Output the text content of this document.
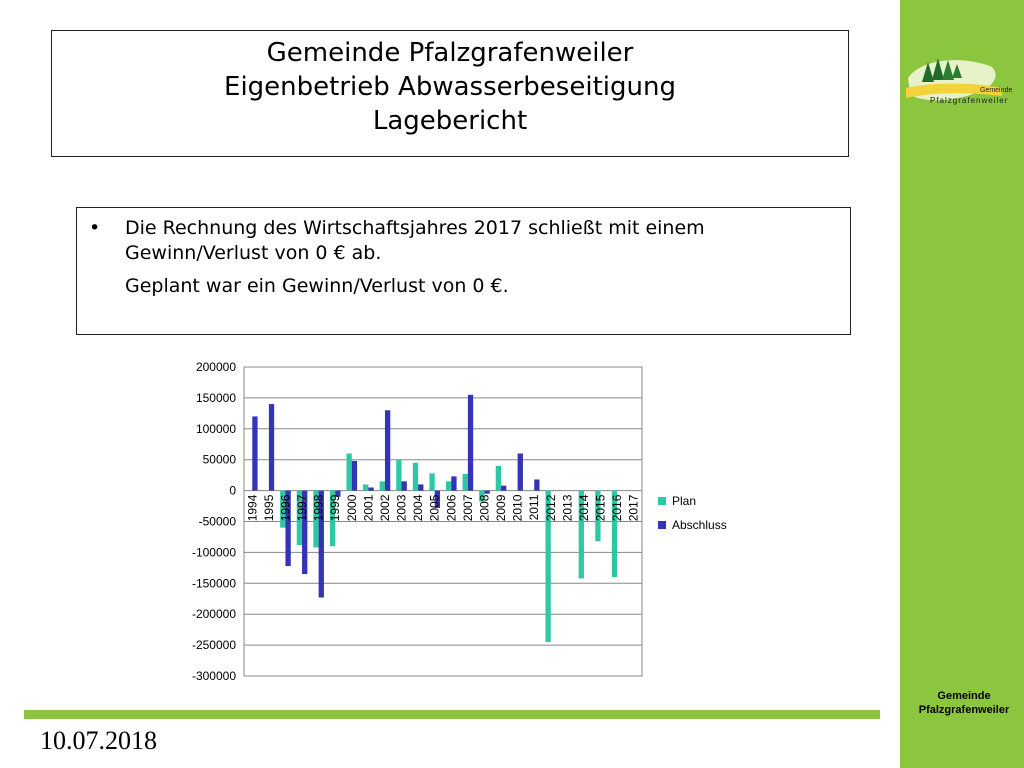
Gemeinde
Pfalzgrafenweiler
Gemeinde
Pfalzgrafenweiler
10.07.2018
Gemeinde Pfalzgrafenweiler
Eigenbetrieb Abwasserbeseitigung
Lagebericht
•	Die Rechnung des Wirtschaftsjahres 2017 schließt mit einem Gewinn/Verlust von 0 € ab.
Geplant war ein Gewinn/Verlust von 0 €.
200000
150000
100000
50000
0
-50000
-100000
-150000
-200000
-250000
-300000
1994 1995 1996 1997 1998 1999 2000 2001 2002 2003 2004 2005 2006 2007 2008 2009 2010 2011 2012 2013 2014 2015 2016 2017	Plan
Abschluss
